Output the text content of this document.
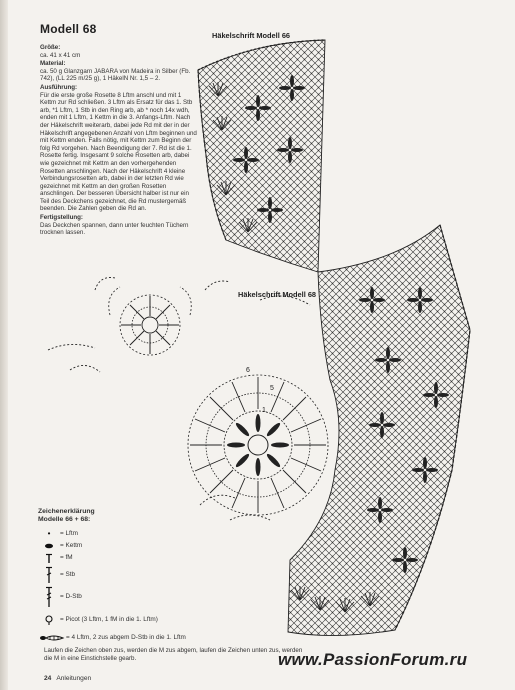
Modell 68

Größe:
ca. 41 x 41 cm

Material:
ca. 50 g Glanzgarn JABARA von Madeira in Silber (Fb. 742), (LL 225 m/25 g), 1 HäkelN Nr. 1,5 – 2.

Ausführung:
Für die erste große Rosette 8 Lftm anschl und mit 1 Kettm zur Rd schließen. 3 Lftm als Ersatz für das 1. Stb arb, *1 Lftm, 1 Stb in den Ring arb, ab * noch 14x wdh, enden mit 1 Lftm, 1 Kettm in die 3. Anfangs-Lftm. Nach der Häkelschrift weiterarb, dabei jede Rd mit der in der Häkelschrift angegebenen Anzahl von Lftm beginnen und mit Kettm enden. Falls nötig, mit Kettm zum Beginn der folg Rd vorgehen. Nach Beendigung der 7. Rd ist die 1. Rosette fertig. Insgesamt 9 solche Rosetten arb, dabei wie gezeichnet mit Kettm an den vorhergehenden Rosetten anschlingen. Nach der Häkelschrift 4 kleine Verbindungsrosetten arb, dabei in der letzten Rd wie gezeichnet mit Kettm an den großen Rosetten anschlingen. Der besseren Übersicht halber ist nur ein Teil des Deckchens gezeichnet, die Rd mustergemäß beenden. Die Zahlen geben die Rd an.

Fertigstellung:
Das Deckchen spannen, dann unter feuchten Tüchern trocknen lassen.

6
5
1
Häkelschrift Modell 66
Häkelschrift Modell 68
Zeichenerklärung
Modelle 66 + 68:
•	= Lftm
= Kettm
= fM
= Stb
= D-Stb
= Picot (3 Lftm, 1 fM in die 1. Lftm)
= 4 Lftm, 2 zus abgem D-Stb in die 1. Lftm
Laufen die Zeichen oben zus, werden die M zus abgem, laufen die Zeichen unten zus, werden die M in eine Einstichstelle gearb.
24 Anleitungen
www.PassionForum.ru
